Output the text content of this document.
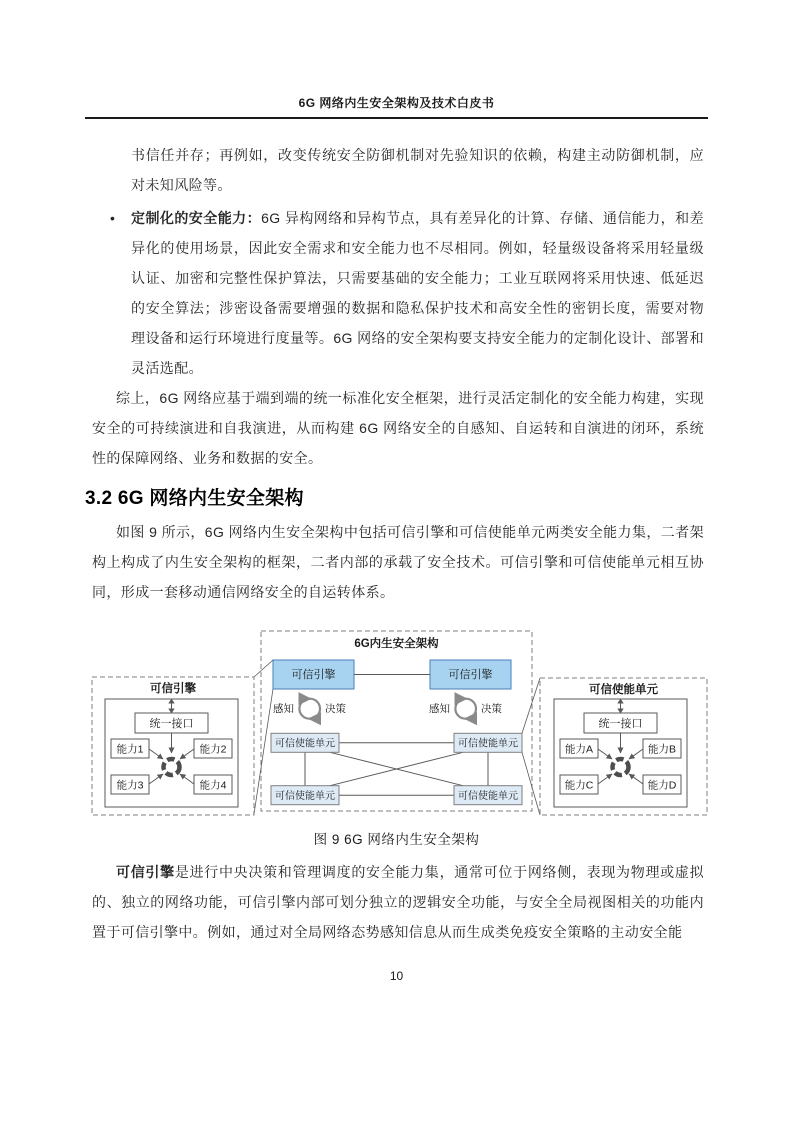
6G 网络内生安全架构及技术白皮书
书信任并存；再例如，改变传统安全防御机制对先验知识的依赖，构建主动防御机制，应对未知风险等。
• 定制化的安全能力：6G 异构网络和异构节点，具有差异化的计算、存储、通信能力，和差异化的使用场景，因此安全需求和安全能力也不尽相同。例如，轻量级设备将采用轻量级认证、加密和完整性保护算法，只需要基础的安全能力；工业互联网将采用快速、低延迟的安全算法；涉密设备需要增强的数据和隐私保护技术和高安全性的密钥长度，需要对物理设备和运行环境进行度量等。6G 网络的安全架构要支持安全能力的定制化设计、部署和灵活选配。
综上，6G 网络应基于端到端的统一标准化安全框架，进行灵活定制化的安全能力构建，实现安全的可持续演进和自我演进，从而构建 6G 网络安全的自感知、自运转和自演进的闭环，系统性的保障网络、业务和数据的安全。
3.2 6G 网络内生安全架构
如图 9 所示，6G 网络内生安全架构中包括可信引擎和可信使能单元两类安全能力集，二者架构上构成了内生安全架构的框架，二者内部的承载了安全技术。可信引擎和可信使能单元相互协同，形成一套移动通信网络安全的自运转体系。
可信引擎
统一接口
能力1	能力2
能力3	能力4
6G内生安全架构
可信引擎	可信引擎
感知	决策	感知	决策
可信使能单元	可信使能单元
可信使能单元	可信使能单元
可信使能单元
统一接口
能力A	能力B
能力C	能力D
图 9 6G 网络内生安全架构
可信引擎是进行中央决策和管理调度的安全能力集，通常可位于网络侧，表现为物理或虚拟的、独立的网络功能，可信引擎内部可划分独立的逻辑安全功能，与安全全局视图相关的功能内置于可信引擎中。例如，通过对全局网络态势感知信息从而生成类免疫安全策略的主动安全能
10
